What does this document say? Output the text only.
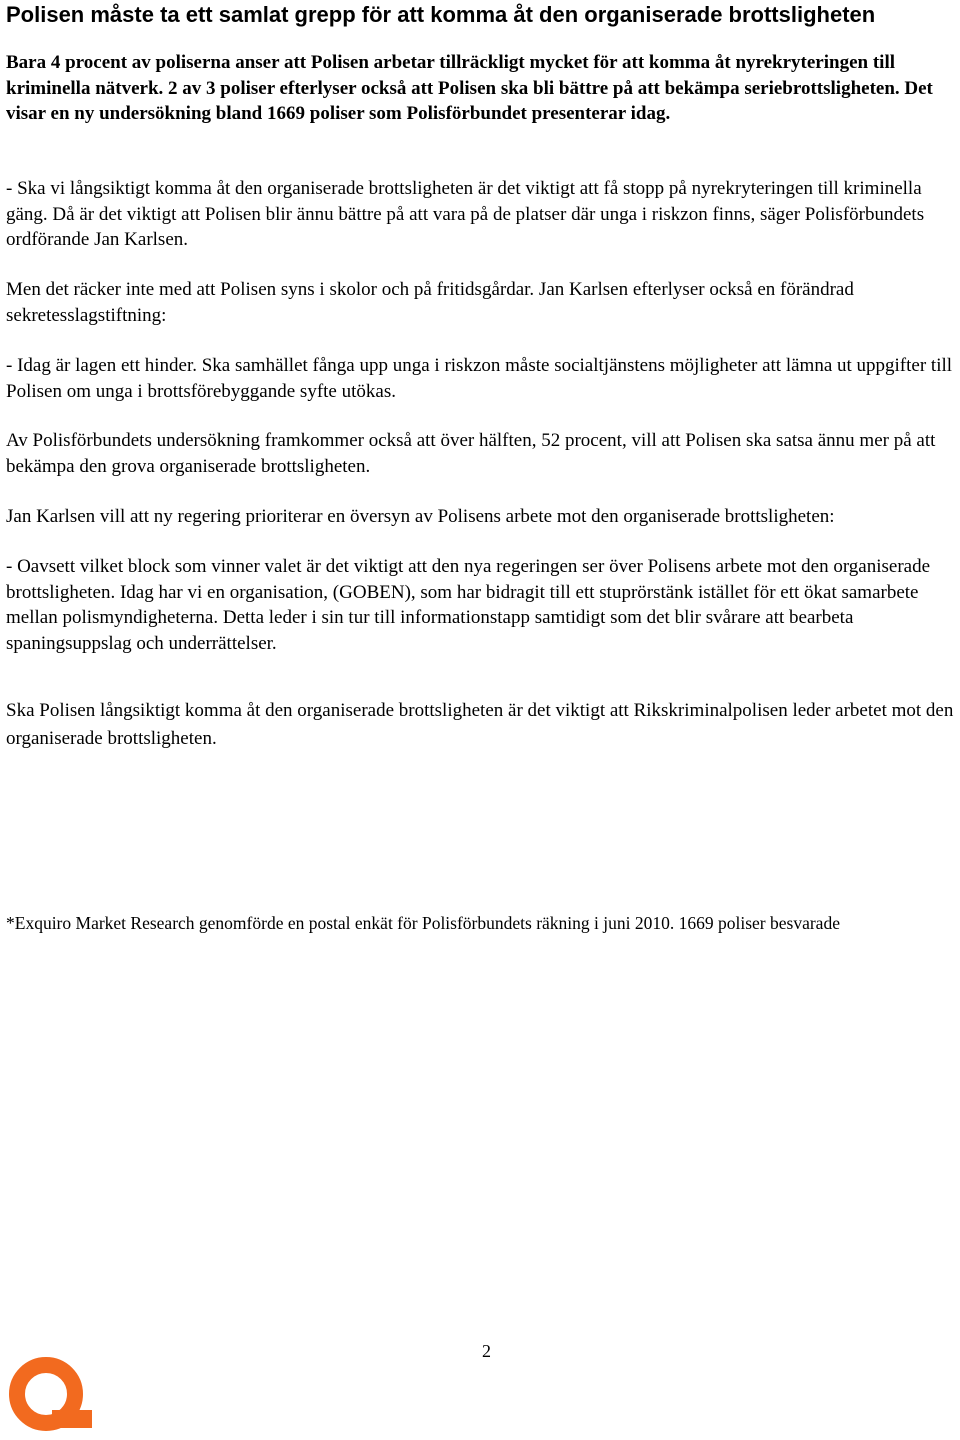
Polisen måste ta ett samlat grepp för att komma åt den organiserade brottsligheten

Bara 4 procent av poliserna anser att Polisen arbetar tillräckligt mycket för att komma åt nyrekryteringen till kriminella nätverk. 2 av 3 poliser efterlyser också att Polisen ska bli bättre på att bekämpa seriebrottsligheten. Det visar en ny undersökning bland 1669 poliser som Polisförbundet presenterar idag.

- Ska vi långsiktigt komma åt den organiserade brottsligheten är det viktigt att få stopp på nyrekryteringen till kriminella gäng. Då är det viktigt att Polisen blir ännu bättre på att vara på de platser där unga i riskzon finns, säger Polisförbundets ordförande Jan Karlsen.

Men det räcker inte med att Polisen syns i skolor och på fritidsgårdar. Jan Karlsen efterlyser också en förändrad sekretesslagstiftning:

- Idag är lagen ett hinder. Ska samhället fånga upp unga i riskzon måste socialtjänstens möjligheter att lämna ut uppgifter till Polisen om unga i brottsförebyggande syfte utökas.

Av Polisförbundets undersökning framkommer också att över hälften, 52 procent, vill att Polisen ska satsa ännu mer på att bekämpa den grova organiserade brottsligheten.

Jan Karlsen vill att ny regering prioriterar en översyn av Polisens arbete mot den organiserade brottsligheten:

- Oavsett vilket block som vinner valet är det viktigt att den nya regeringen ser över Polisens arbete mot den organiserade brottsligheten. Idag har vi en organisation, (GOBEN), som har bidragit till ett stuprörstänk istället för ett ökat samarbete mellan polismyndigheterna. Detta leder i sin tur till informationstapp samtidigt som det blir svårare att bearbeta spaningsuppslag och underrättelser.

Ska Polisen långsiktigt komma åt den organiserade brottsligheten är det viktigt att Rikskriminalpolisen leder arbetet mot den organiserade brottsligheten.

*Exquiro Market Research genomförde en postal enkät för Polisförbundets räkning i juni 2010. 1669 poliser besvarade

2
